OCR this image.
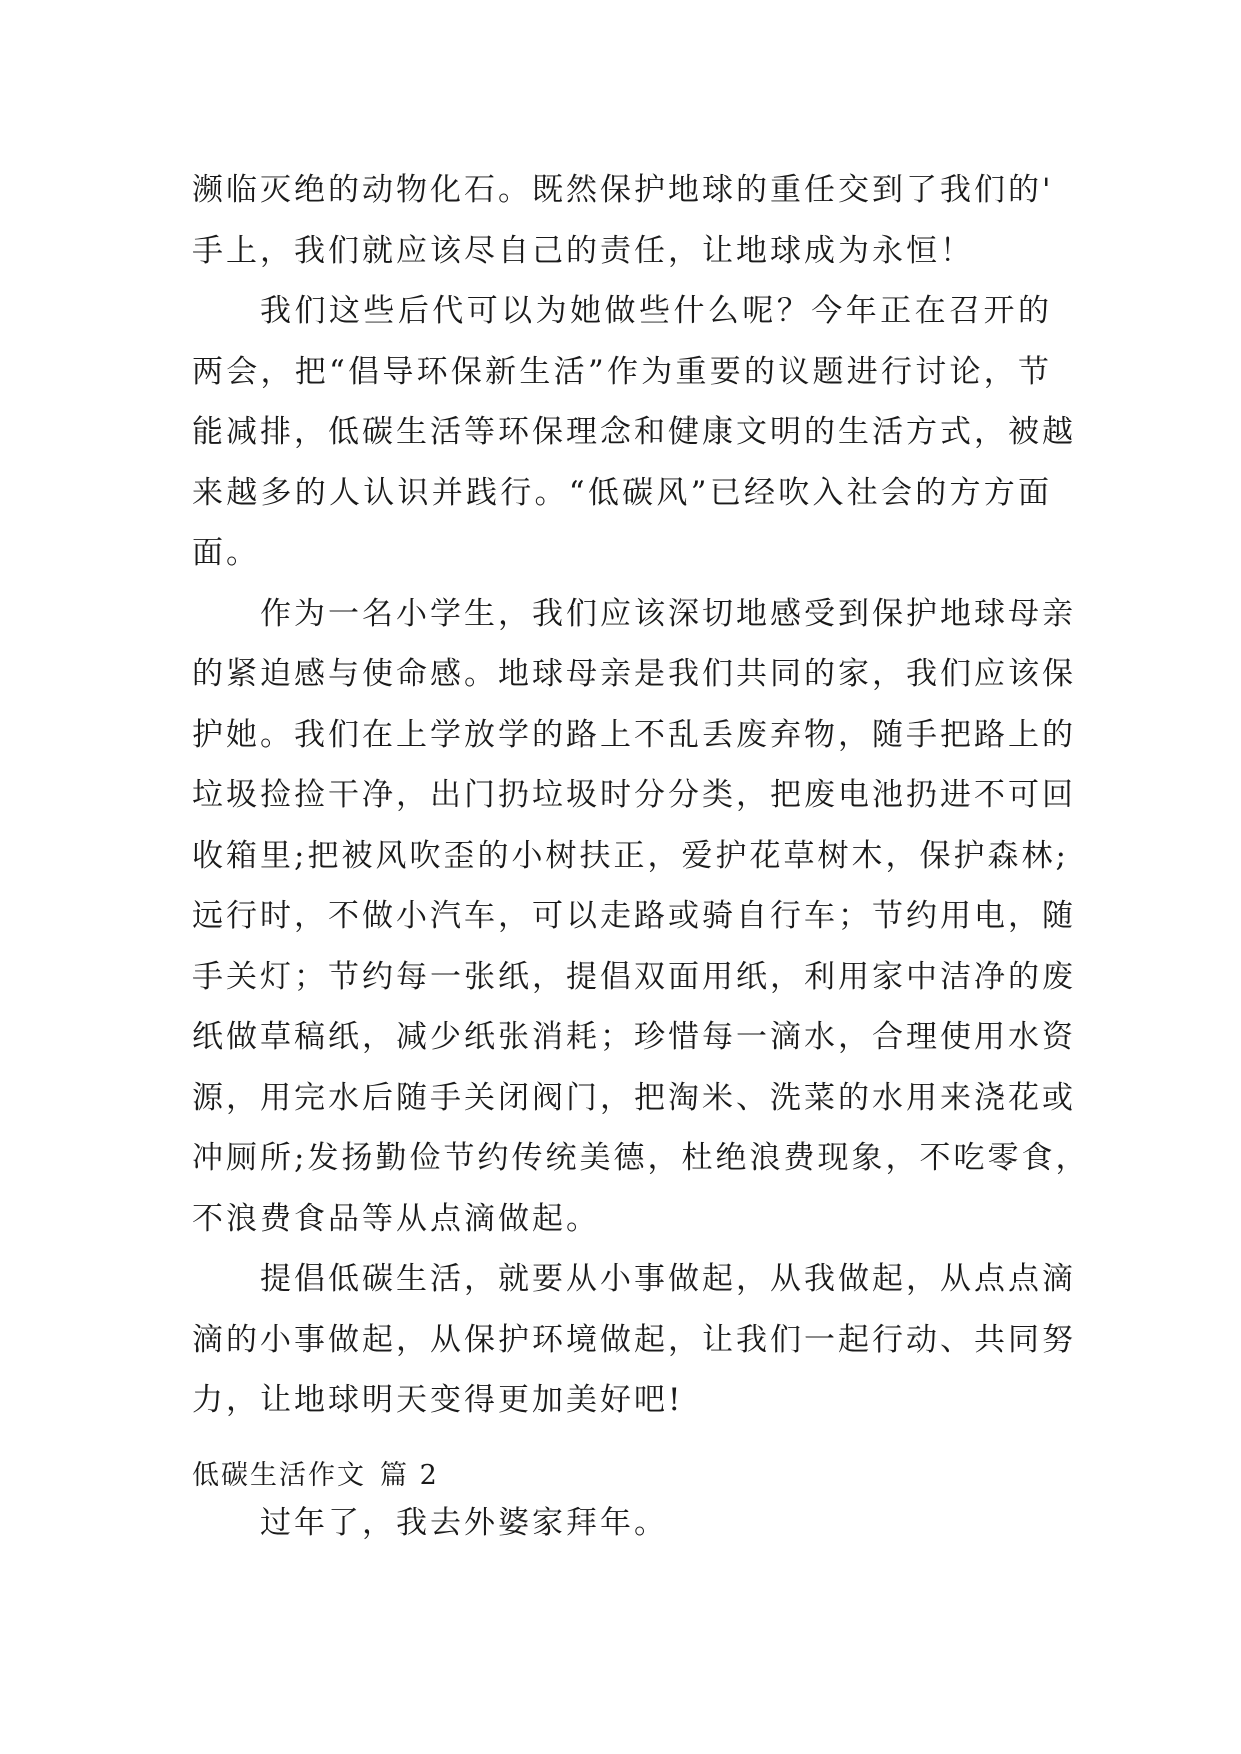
濒临灭绝的动物化石。既然保护地球的重任交到了我们的'
手上，我们就应该尽自己的责任，让地球成为永恒！
我们这些后代可以为她做些什么呢？今年正在召开的
两会，把“倡导环保新生活”作为重要的议题进行讨论，节
能减排，低碳生活等环保理念和健康文明的生活方式，被越
来越多的人认识并践行。“低碳风”已经吹入社会的方方面
面。
作为一名小学生，我们应该深切地感受到保护地球母亲
的紧迫感与使命感。地球母亲是我们共同的家，我们应该保
护她。我们在上学放学的路上不乱丢废弃物，随手把路上的
垃圾捡捡干净，出门扔垃圾时分分类，把废电池扔进不可回
收箱里;把被风吹歪的小树扶正，爱护花草树木，保护森林;
远行时，不做小汽车，可以走路或骑自行车；节约用电，随
手关灯；节约每一张纸，提倡双面用纸，利用家中洁净的废
纸做草稿纸，减少纸张消耗；珍惜每一滴水，合理使用水资
源，用完水后随手关闭阀门，把淘米、洗菜的水用来浇花或
冲厕所;发扬勤俭节约传统美德，杜绝浪费现象，不吃零食，
不浪费食品等从点滴做起。
提倡低碳生活，就要从小事做起，从我做起，从点点滴
滴的小事做起，从保护环境做起，让我们一起行动、共同努
力，让地球明天变得更加美好吧!
低碳生活作文 篇 2
过年了，我去外婆家拜年。
